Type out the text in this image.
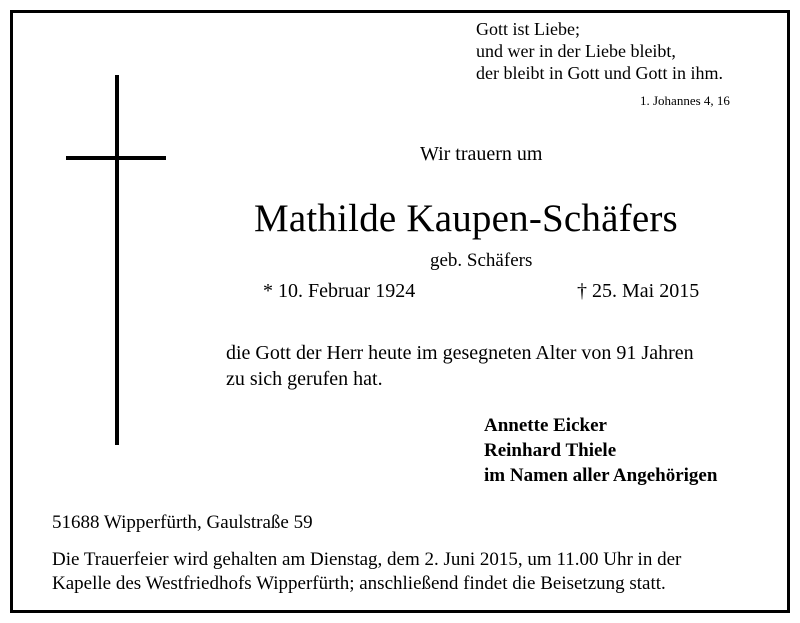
Gott ist Liebe;
und wer in der Liebe bleibt,
der bleibt in Gott und Gott in ihm.
1. Johannes 4, 16
Wir trauern um
Mathilde Kaupen-Schäfers
geb. Schäfers
* 10. Februar 1924	† 25. Mai 2015
die Gott der Herr heute im gesegneten Alter von 91 Jahren
zu sich gerufen hat.
Annette Eicker
Reinhard Thiele
im Namen aller Angehörigen
51688 Wipperfürth, Gaulstraße 59
Die Trauerfeier wird gehalten am Dienstag, dem 2. Juni 2015, um 11.00 Uhr in der
Kapelle des Westfriedhofs Wipperfürth; anschließend findet die Beisetzung statt.
